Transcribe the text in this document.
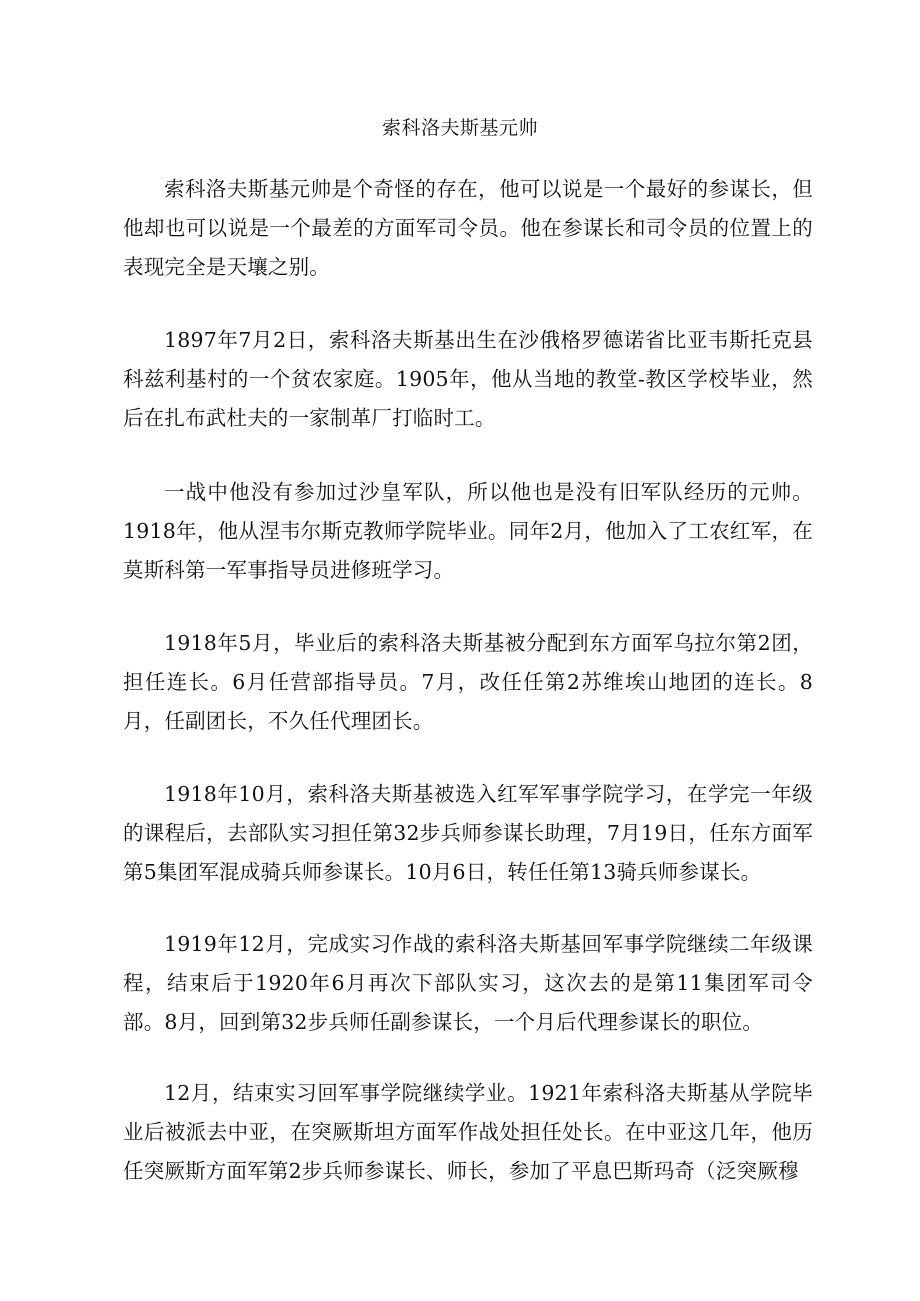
索科洛夫斯基元帅

索科洛夫斯基元帅是个奇怪的存在，他可以说是一个最好的参谋长，但他却也可以说是一个最差的方面军司令员。他在参谋长和司令员的位置上的表现完全是天壤之别。

1897年7月2日，索科洛夫斯基出生在沙俄格罗德诺省比亚韦斯托克县科兹利基村的一个贫农家庭。1905年，他从当地的教堂-教区学校毕业，然后在扎布武杜夫的一家制革厂打临时工。

一战中他没有参加过沙皇军队，所以他也是没有旧军队经历的元帅。1918年，他从涅韦尔斯克教师学院毕业。同年2月，他加入了工农红军，在莫斯科第一军事指导员进修班学习。

1918年5月，毕业后的索科洛夫斯基被分配到东方面军乌拉尔第2团，担任连长。6月任营部指导员。7月，改任任第2苏维埃山地团的连长。8月，任副团长，不久任代理团长。

1918年10月，索科洛夫斯基被选入红军军事学院学习，在学完一年级的课程后，去部队实习担任第32步兵师参谋长助理，7月19日，任东方面军第5集团军混成骑兵师参谋长。10月6日，转任任第13骑兵师参谋长。

1919年12月，完成实习作战的索科洛夫斯基回军事学院继续二年级课程，结束后于1920年6月再次下部队实习，这次去的是第11集团军司令部。8月，回到第32步兵师任副参谋长，一个月后代理参谋长的职位。

12月，结束实习回军事学院继续学业。1921年索科洛夫斯基从学院毕业后被派去中亚，在突厥斯坦方面军作战处担任处长。在中亚这几年，他历任突厥斯方面军第2步兵师参谋长、师长，参加了平息巴斯玛奇（泛突厥穆
